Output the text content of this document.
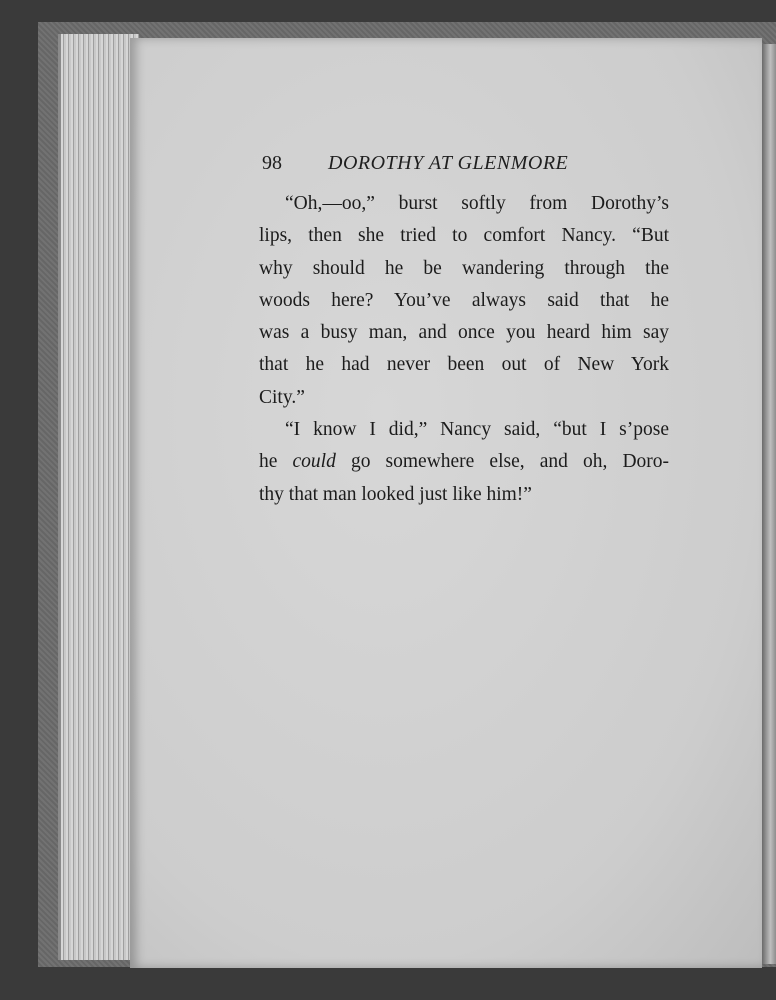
98 DOROTHY AT GLENMORE
“Oh,—oo,” burst softly from Dorothy’s
lips, then she tried to comfort Nancy. “But
why should he be wandering through the
woods here? You’ve always said that he
was a busy man, and once you heard him say
that he had never been out of New York
City.”
“I know I did,” Nancy said, “but I s’pose
he could go somewhere else, and oh, Doro-
thy that man looked just like him!”
